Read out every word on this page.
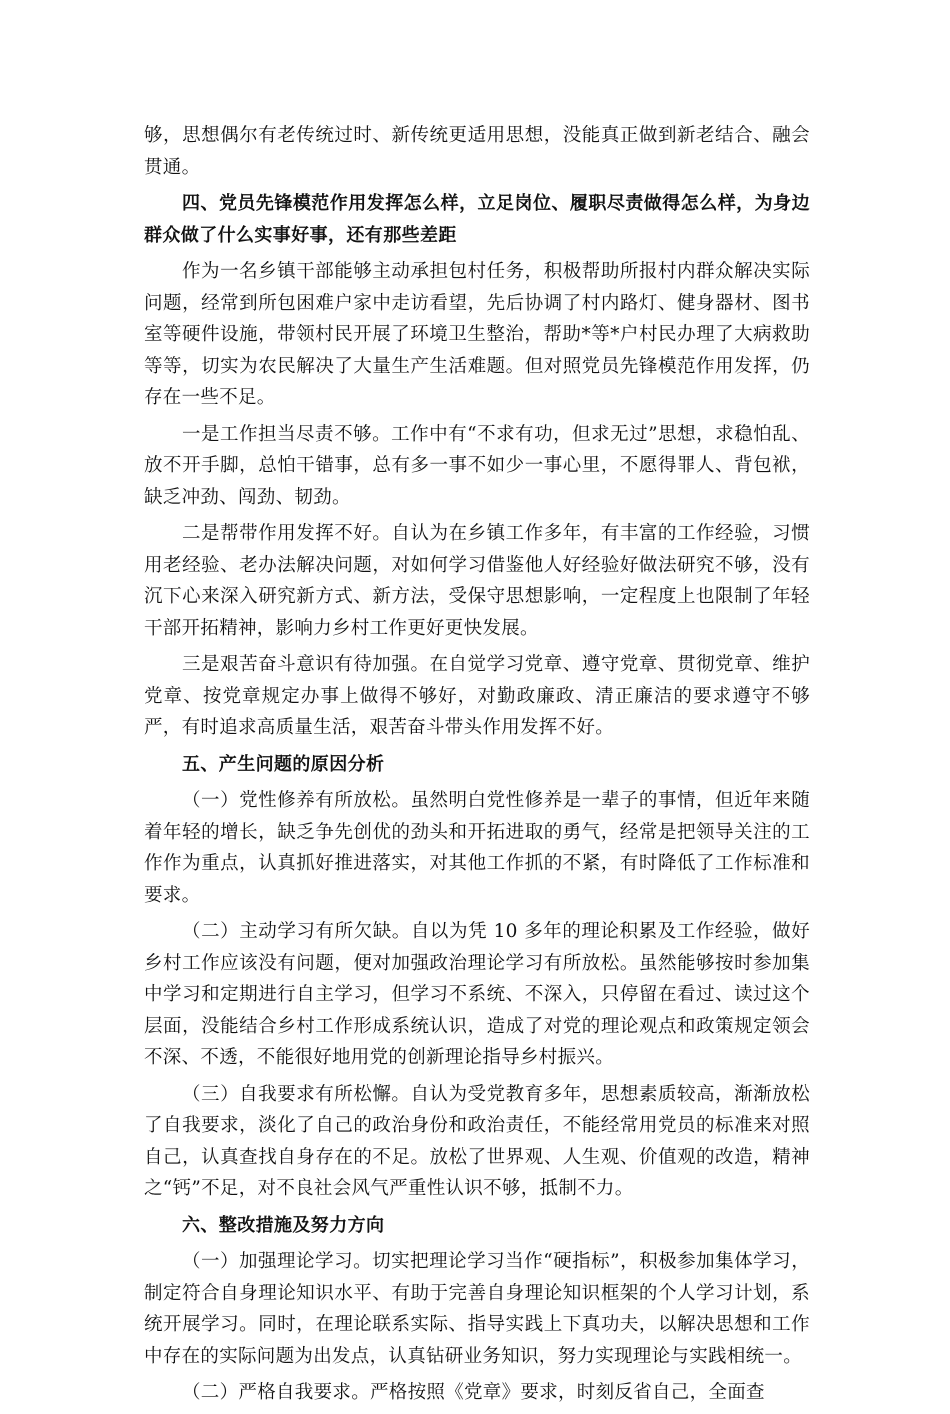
够，思想偶尔有老传统过时、新传统更适用思想，没能真正做到新老结合、融会贯通。

四、党员先锋模范作用发挥怎么样，立足岗位、履职尽责做得怎么样，为身边群众做了什么实事好事，还有那些差距

作为一名乡镇干部能够主动承担包村任务，积极帮助所报村内群众解决实际问题，经常到所包困难户家中走访看望，先后协调了村内路灯、健身器材、图书室等硬件设施，带领村民开展了环境卫生整治，帮助*等*户村民办理了大病救助等等，切实为农民解决了大量生产生活难题。但对照党员先锋模范作用发挥，仍存在一些不足。

一是工作担当尽责不够。工作中有“不求有功，但求无过”思想，求稳怕乱、放不开手脚，总怕干错事，总有多一事不如少一事心里，不愿得罪人、背包袱，缺乏冲劲、闯劲、韧劲。

二是帮带作用发挥不好。自认为在乡镇工作多年，有丰富的工作经验，习惯用老经验、老办法解决问题，对如何学习借鉴他人好经验好做法研究不够，没有沉下心来深入研究新方式、新方法，受保守思想影响，一定程度上也限制了年轻干部开拓精神，影响力乡村工作更好更快发展。

三是艰苦奋斗意识有待加强。在自觉学习党章、遵守党章、贯彻党章、维护党章、按党章规定办事上做得不够好，对勤政廉政、清正廉洁的要求遵守不够严，有时追求高质量生活，艰苦奋斗带头作用发挥不好。

五、产生问题的原因分析

（一）党性修养有所放松。虽然明白党性修养是一辈子的事情，但近年来随着年轻的增长，缺乏争先创优的劲头和开拓进取的勇气，经常是把领导关注的工作作为重点，认真抓好推进落实，对其他工作抓的不紧，有时降低了工作标准和要求。

（二）主动学习有所欠缺。自以为凭 10 多年的理论积累及工作经验，做好乡村工作应该没有问题，便对加强政治理论学习有所放松。虽然能够按时参加集中学习和定期进行自主学习，但学习不系统、不深入，只停留在看过、读过这个层面，没能结合乡村工作形成系统认识，造成了对党的理论观点和政策规定领会不深、不透，不能很好地用党的创新理论指导乡村振兴。

（三）自我要求有所松懈。自认为受党教育多年，思想素质较高，渐渐放松了自我要求，淡化了自己的政治身份和政治责任，不能经常用党员的标准来对照自己，认真查找自身存在的不足。放松了世界观、人生观、价值观的改造，精神之“钙”不足，对不良社会风气严重性认识不够，抵制不力。

六、整改措施及努力方向

（一）加强理论学习。切实把理论学习当作“硬指标”，积极参加集体学习，制定符合自身理论知识水平、有助于完善自身理论知识框架的个人学习计划，系统开展学习。同时，在理论联系实际、指导实践上下真功夫，以解决思想和工作中存在的实际问题为出发点，认真钻研业务知识，努力实现理论与实践相统一。

（二）严格自我要求。严格按照《党章》要求，时刻反省自己，全面查
